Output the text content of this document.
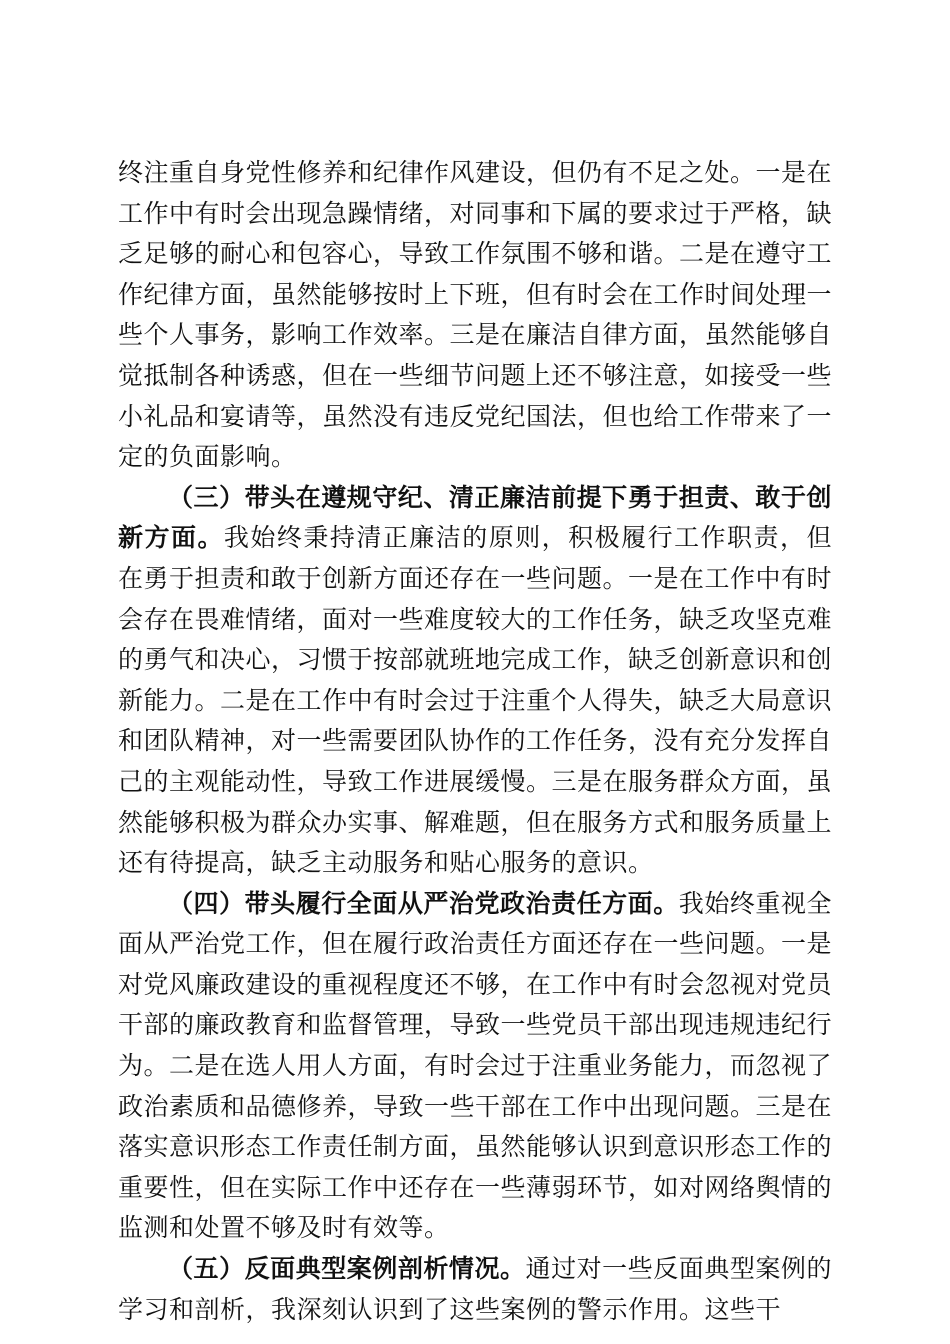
终注重自身党性修养和纪律作风建设，但仍有不足之处。一是在工作中有时会出现急躁情绪，对同事和下属的要求过于严格，缺乏足够的耐心和包容心，导致工作氛围不够和谐。二是在遵守工作纪律方面，虽然能够按时上下班，但有时会在工作时间处理一些个人事务，影响工作效率。三是在廉洁自律方面，虽然能够自觉抵制各种诱惑，但在一些细节问题上还不够注意，如接受一些小礼品和宴请等，虽然没有违反党纪国法，但也给工作带来了一定的负面影响。

（三）带头在遵规守纪、清正廉洁前提下勇于担责、敢于创新方面。我始终秉持清正廉洁的原则，积极履行工作职责，但在勇于担责和敢于创新方面还存在一些问题。一是在工作中有时会存在畏难情绪，面对一些难度较大的工作任务，缺乏攻坚克难的勇气和决心，习惯于按部就班地完成工作，缺乏创新意识和创新能力。二是在工作中有时会过于注重个人得失，缺乏大局意识和团队精神，对一些需要团队协作的工作任务，没有充分发挥自己的主观能动性，导致工作进展缓慢。三是在服务群众方面，虽然能够积极为群众办实事、解难题，但在服务方式和服务质量上还有待提高，缺乏主动服务和贴心服务的意识。

（四）带头履行全面从严治党政治责任方面。我始终重视全面从严治党工作，但在履行政治责任方面还存在一些问题。一是对党风廉政建设的重视程度还不够，在工作中有时会忽视对党员干部的廉政教育和监督管理，导致一些党员干部出现违规违纪行为。二是在选人用人方面，有时会过于注重业务能力，而忽视了政治素质和品德修养，导致一些干部在工作中出现问题。三是在落实意识形态工作责任制方面，虽然能够认识到意识形态工作的重要性，但在实际工作中还存在一些薄弱环节，如对网络舆情的监测和处置不够及时有效等。

（五）反面典型案例剖析情况。通过对一些反面典型案例的学习和剖析，我深刻认识到了这些案例的警示作用。这些干
